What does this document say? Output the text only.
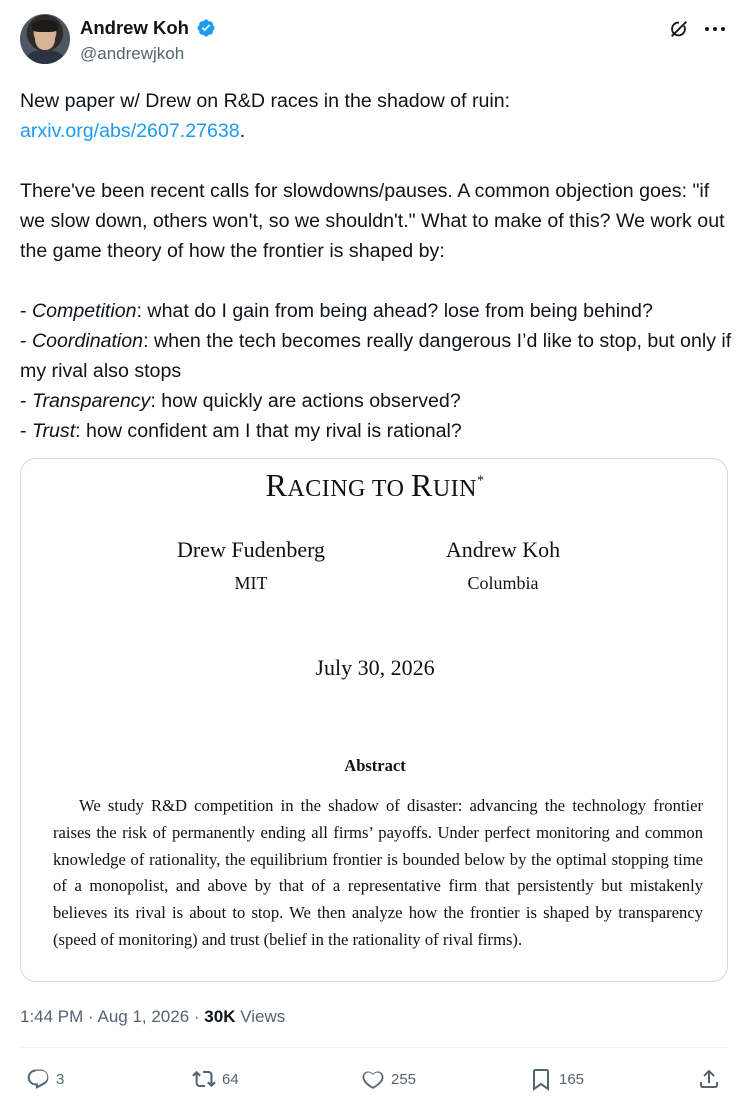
Andrew Koh
@andrewjkoh
New paper w/ Drew on R&D races in the shadow of ruin:
arxiv.org/abs/2607.27638.

There've been recent calls for slowdowns/pauses. A common objection goes: "if we slow down, others won't, so we shouldn't." What to make of this? We work out the game theory of how the frontier is shaped by:

- Competition: what do I gain from being ahead? lose from being behind?
- Coordination: when the tech becomes really dangerous I’d like to stop, but only if my rival also stops
- Transparency: how quickly are actions observed?
- Trust: how confident am I that my rival is rational?
RACING TO RUIN*
Drew Fudenberg
MIT
Andrew Koh
Columbia
July 30, 2026
Abstract
We study R&D competition in the shadow of disaster: advancing the technology frontier raises the risk of permanently ending all firms’ payoffs. Under perfect monitoring and common knowledge of rationality, the equilibrium frontier is bounded below by the optimal stopping time of a monopolist, and above by that of a representative firm that persistently but mistakenly believes its rival is about to stop. We then analyze how the frontier is shaped by transparency (speed of monitoring) and trust (belief in the rationality of rival firms).
1:44 PM · Aug 1, 2026 · 30K Views
3	64	255	165
